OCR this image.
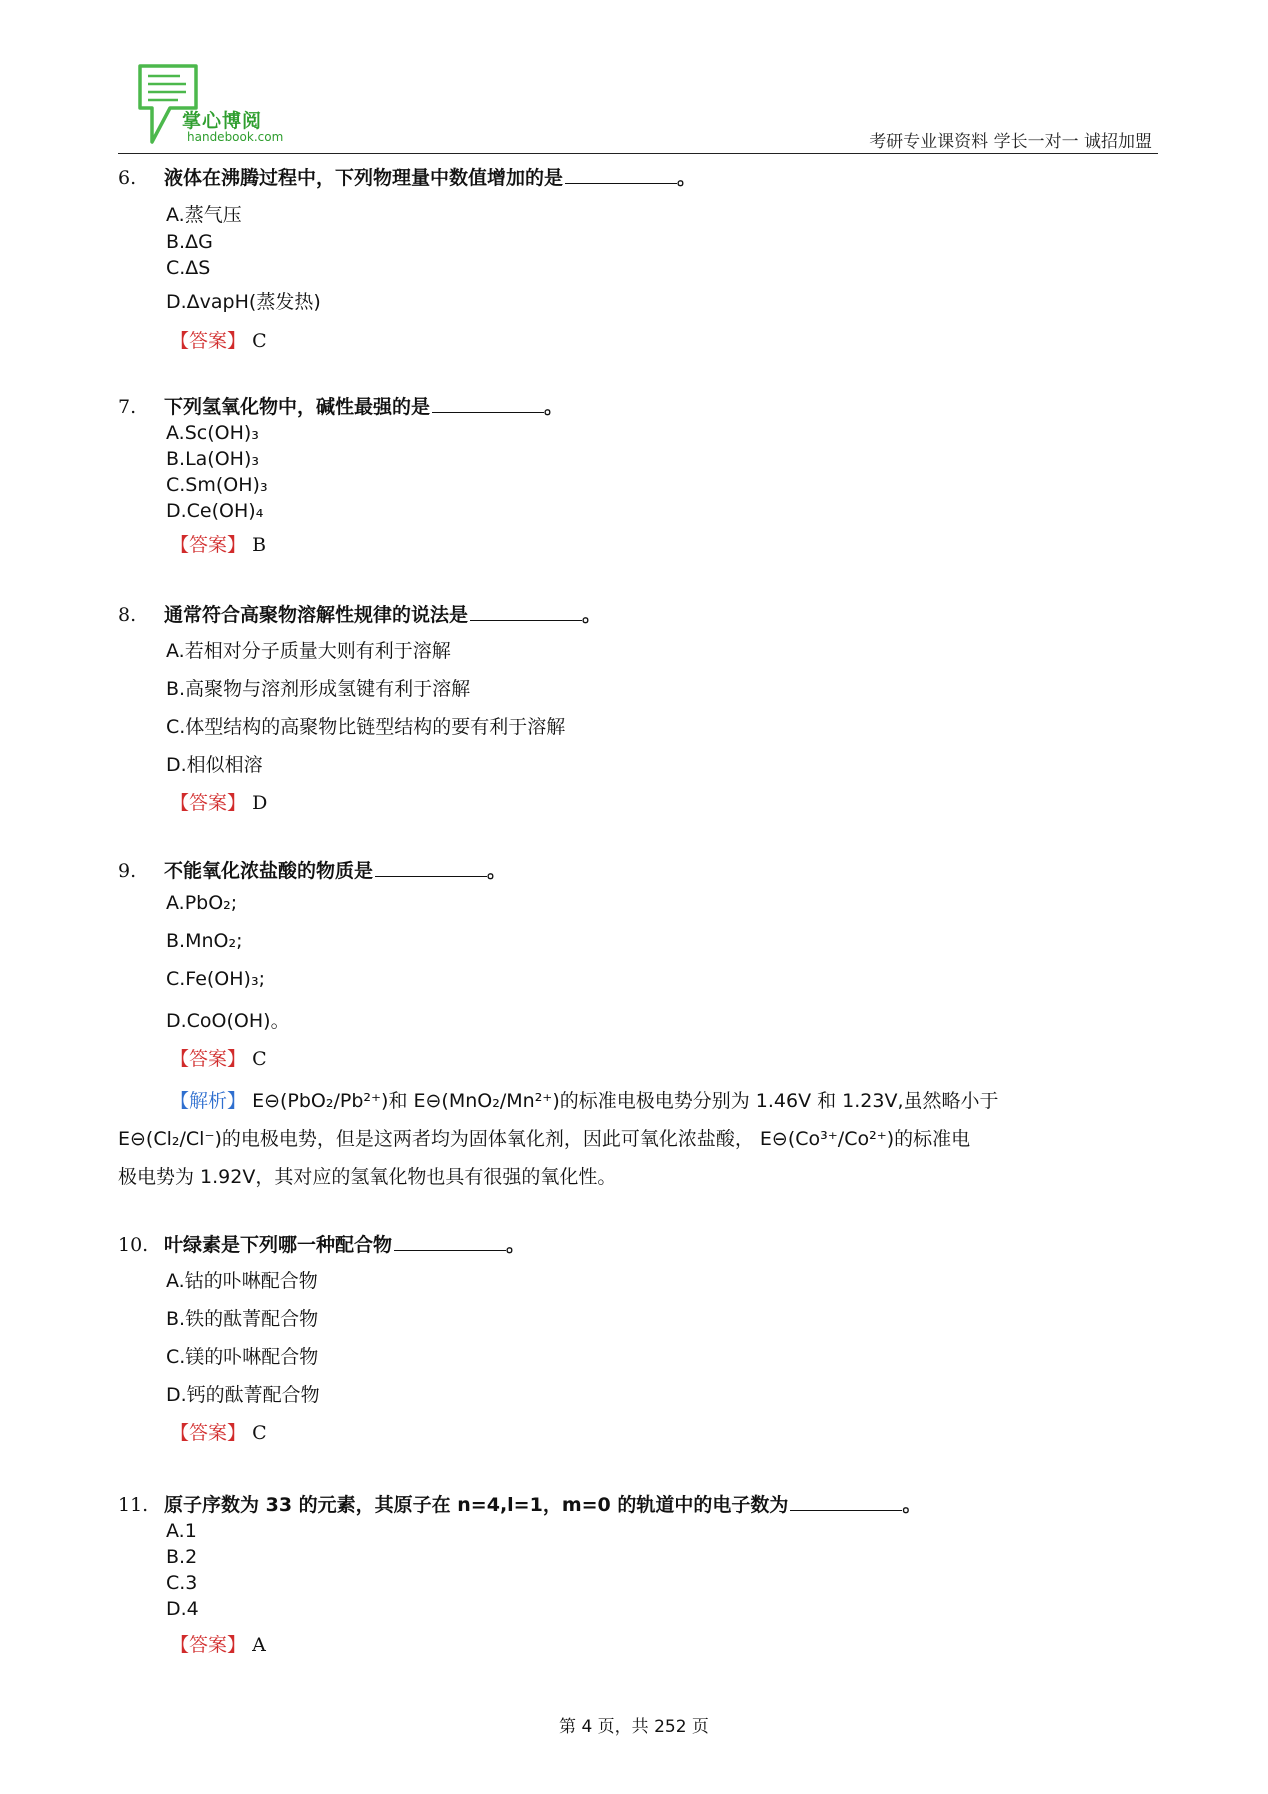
掌心博阅
handebook.com	考研专业课资料 学长一对一 诚招加盟
6. 液体在沸腾过程中，下列物理量中数值增加的是	。
A.蒸气压
B.ΔG
C.ΔS
D.ΔvapH(蒸发热)
【答案】 C
7. 下列氢氧化物中，碱性最强的是	。
A.Sc(OH)₃
B.La(OH)₃
C.Sm(OH)₃
D.Ce(OH)₄
【答案】 B
8. 通常符合高聚物溶解性规律的说法是	。
A.若相对分子质量大则有利于溶解
B.高聚物与溶剂形成氢键有利于溶解
C.体型结构的高聚物比链型结构的要有利于溶解
D.相似相溶
【答案】 D
9. 不能氧化浓盐酸的物质是	。
A.PbO₂;
B.MnO₂;
C.Fe(OH)₃;
D.CoO(OH)。
【答案】 C
【解析】 E⊖(PbO₂/Pb²⁺)和 E⊖(MnO₂/Mn²⁺)的标准电极电势分别为 1.46V 和 1.23V,虽然略小于
E⊖(Cl₂/Cl⁻)的电极电势，但是这两者均为固体氧化剂，因此可氧化浓盐酸， E⊖(Co³⁺/Co²⁺)的标准电
极电势为 1.92V，其对应的氢氧化物也具有很强的氧化性。
10. 叶绿素是下列哪一种配合物	。
A.钴的卟啉配合物
B.铁的酞菁配合物
C.镁的卟啉配合物
D.钙的酞菁配合物
【答案】 C
11. 原子序数为 33 的元素，其原子在 n=4,l=1，m=0 的轨道中的电子数为	。
A.1
B.2
C.3
D.4
【答案】 A
第 4 页，共 252 页
